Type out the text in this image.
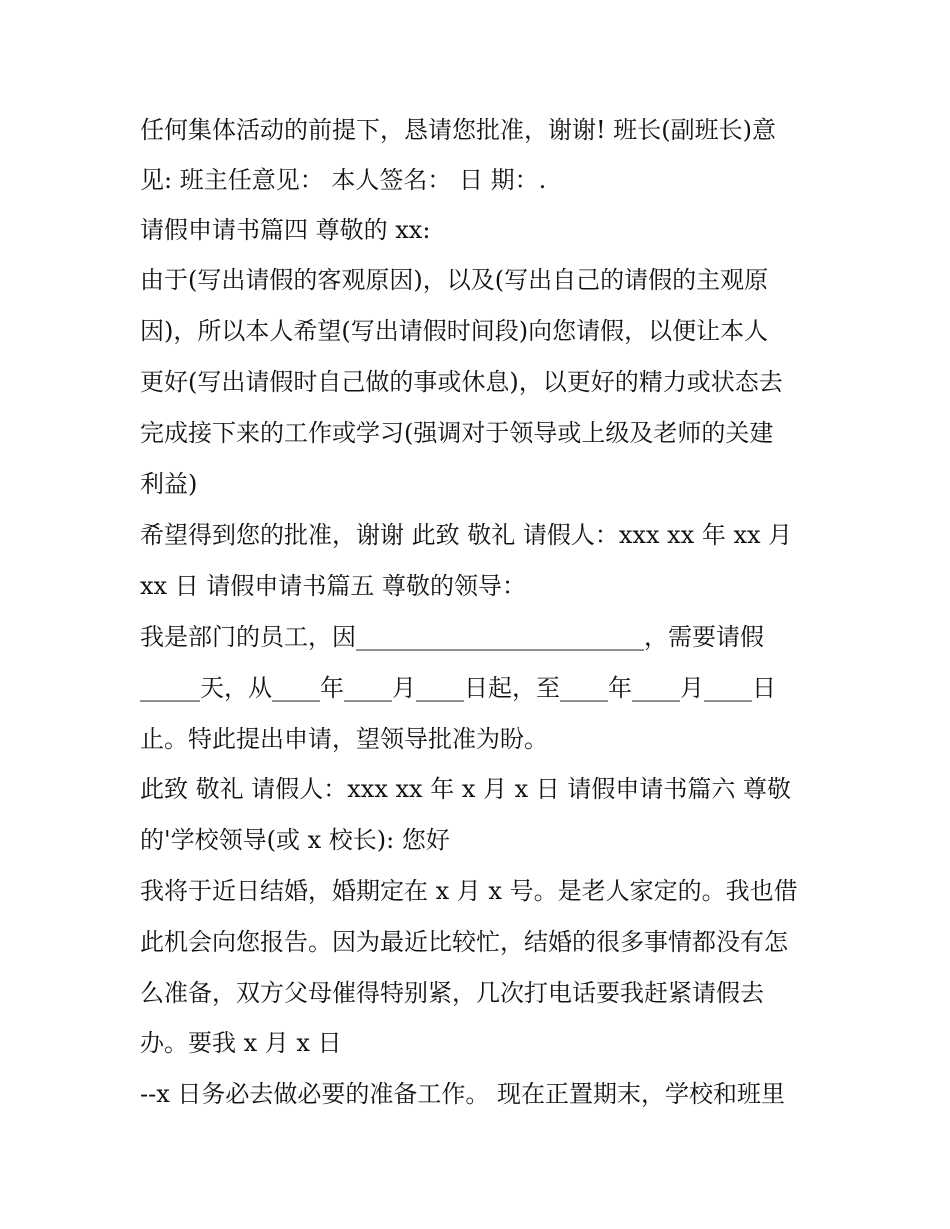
任何集体活动的前提下，恳请您批准，谢谢! 班长(副班长)意
见: 班主任意见： 本人签名： 日 期：.
请假申请书篇四 尊敬的 xx:
由于(写出请假的客观原因)，以及(写出自己的请假的主观原
因)，所以本人希望(写出请假时间段)向您请假，以便让本人
更好(写出请假时自己做的事或休息)，以更好的精力或状态去
完成接下来的工作或学习(强调对于领导或上级及老师的关建
利益)
希望得到您的批准，谢谢 此致 敬礼 请假人：xxx xx 年 xx 月
xx 日 请假申请书篇五 尊敬的领导：
我是部门的员工，因________________________，需要请假
_____天，从____年____月____日起，至____年____月____日
止。特此提出申请，望领导批准为盼。
此致 敬礼 请假人：xxx xx 年 x 月 x 日 请假申请书篇六 尊敬
的'学校领导(或 x 校长): 您好
我将于近日结婚，婚期定在 x 月 x 号。是老人家定的。我也借
此机会向您报告。因为最近比较忙，结婚的很多事情都没有怎
么准备，双方父母催得特别紧，几次打电话要我赶紧请假去
办。要我 x 月 x 日
--x 日务必去做必要的准备工作。 现在正置期末，学校和班里
